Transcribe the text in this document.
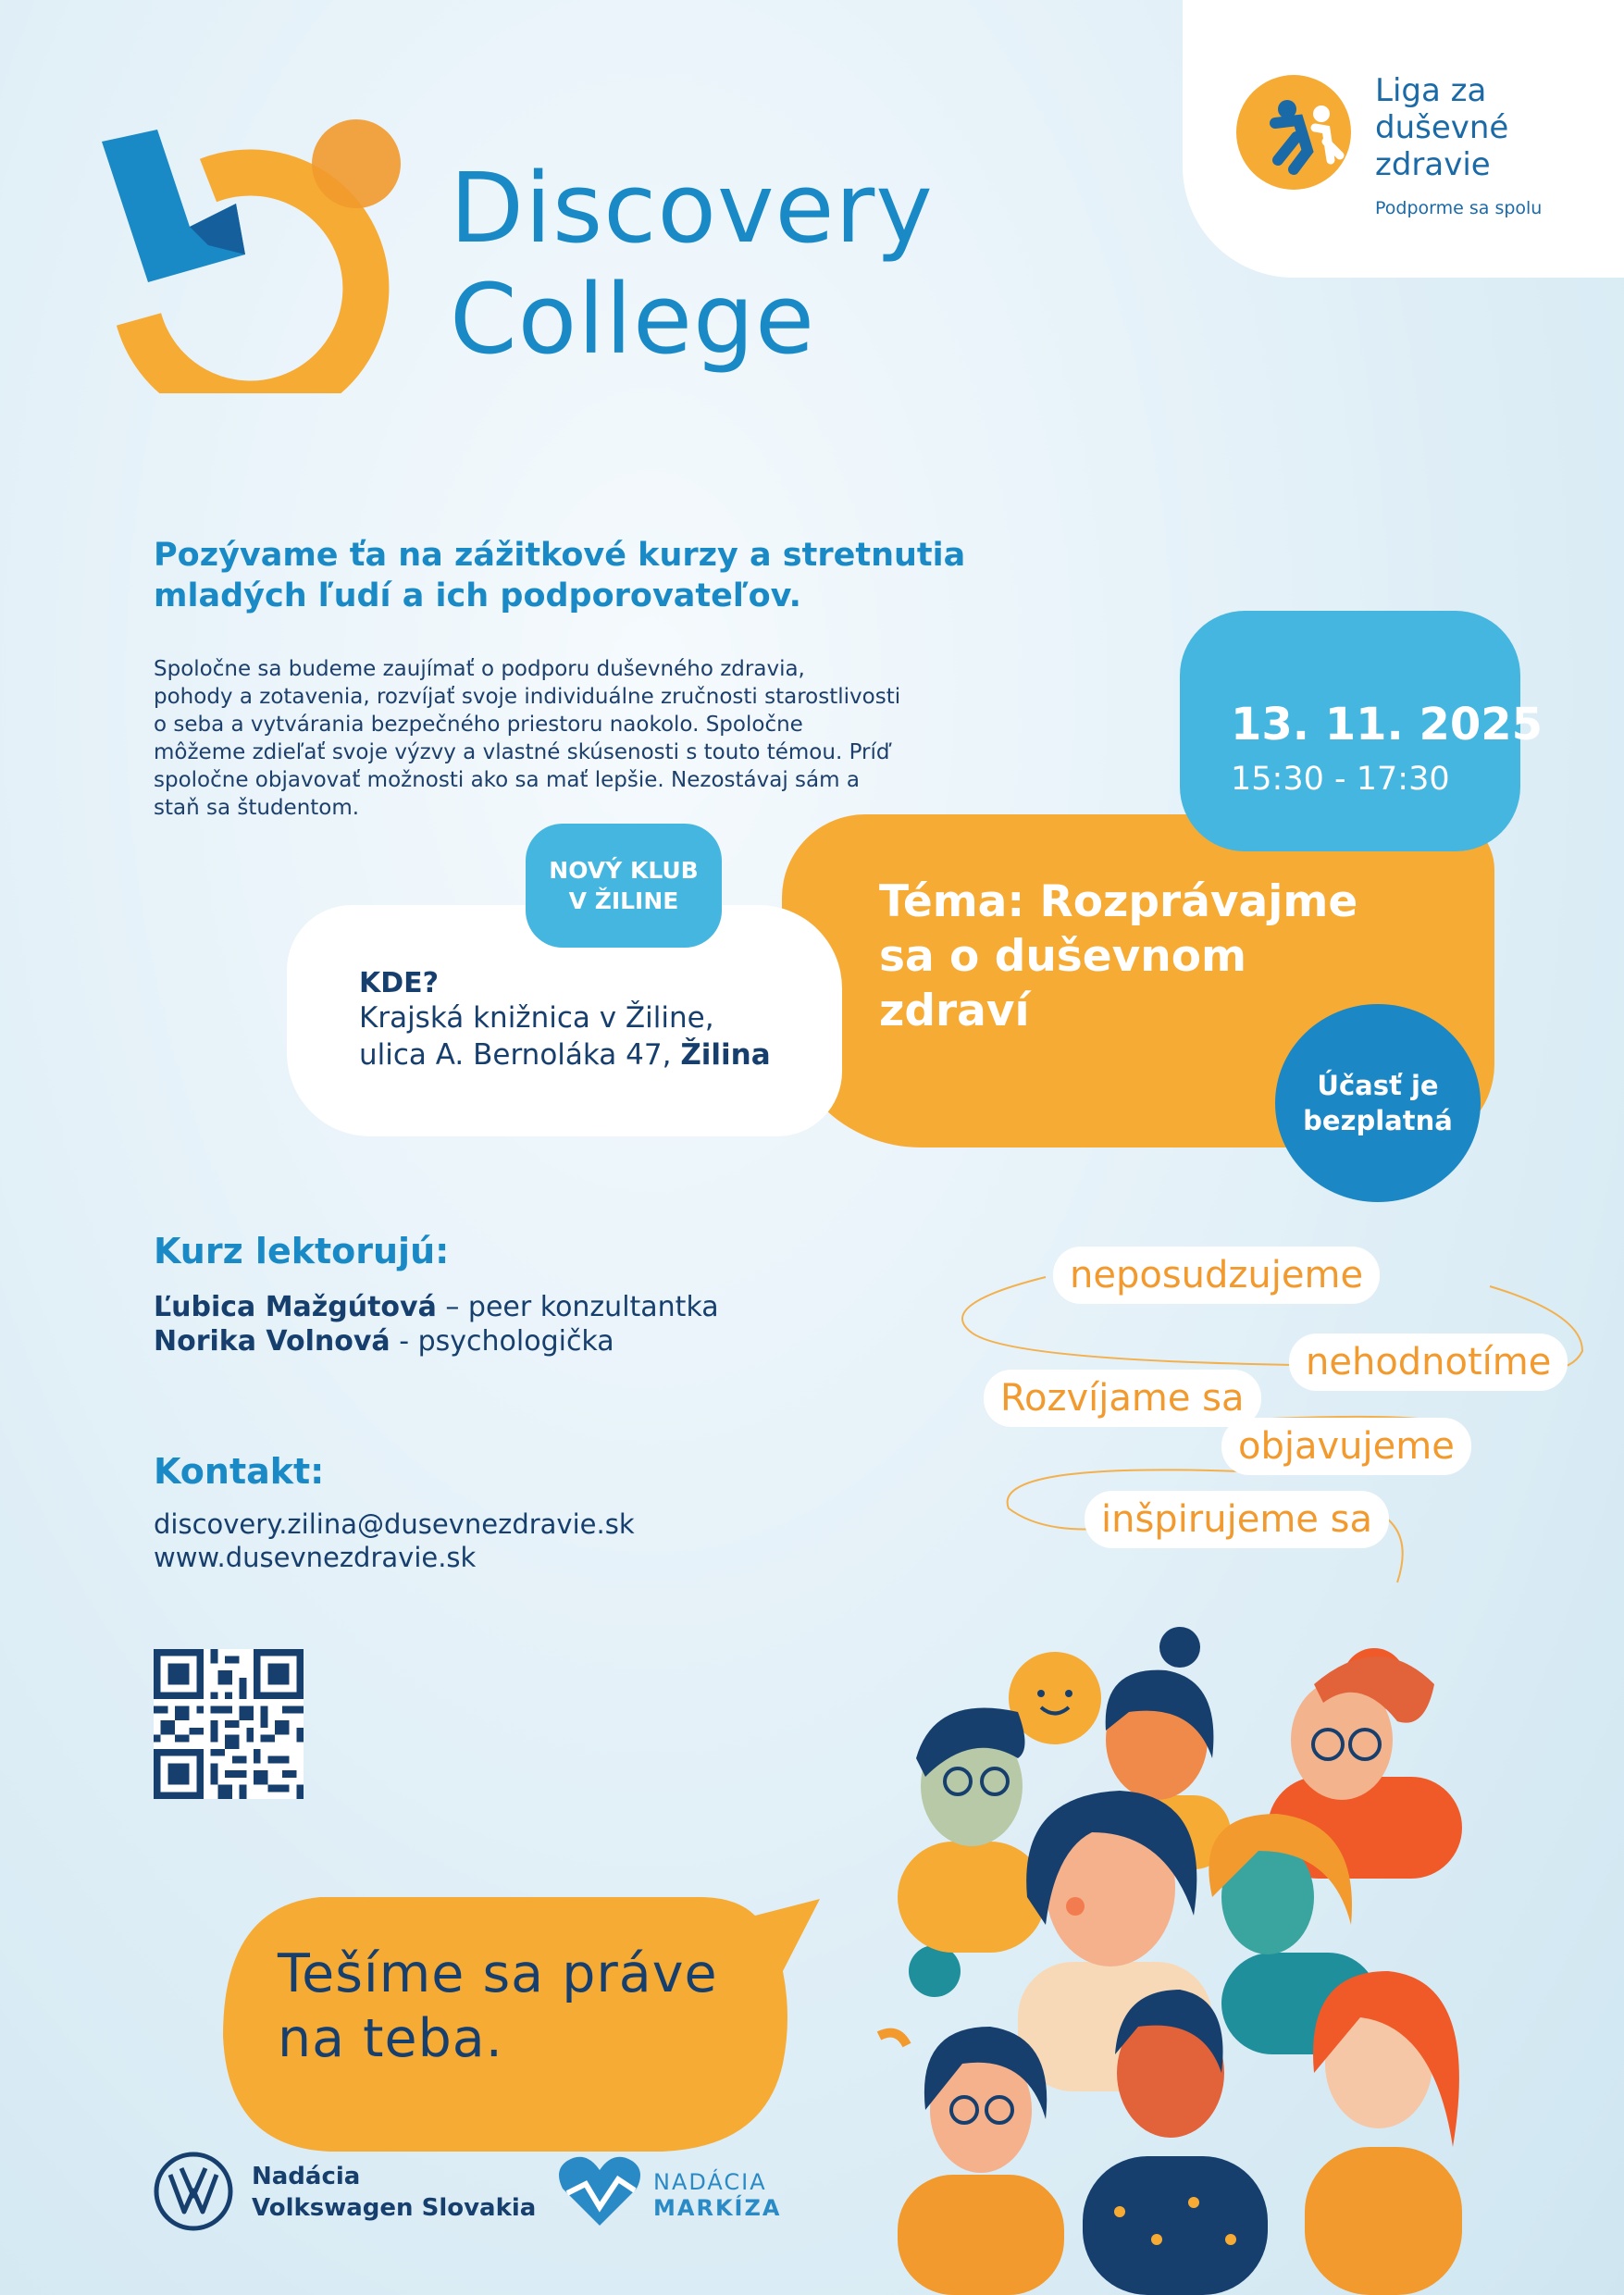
Liga za
duševné
zdravie
Podporme sa spolu
Discovery
College
Pozývame ťa na zážitkové kurzy a stretnutia
mladých ľudí a ich podporovateľov.
Spoločne sa budeme zaujímať o podporu duševného zdravia,
pohody a zotavenia, rozvíjať svoje individuálne zručnosti starostlivosti
o seba a vytvárania bezpečného priestoru naokolo. Spoločne
môžeme zdieľať svoje výzvy a vlastné skúsenosti s touto témou. Príď
spoločne objavovať možnosti ako sa mať lepšie. Nezostávaj sám a
staň sa študentom.
Téma: Rozprávajme
sa o duševnom
zdraví
13. 11. 2025
15:30 - 17:30
Účasť je
bezplatná
KDE?
Krajská knižnica v Žiline,
ulica A. Bernoláka 47, Žilina
NOVÝ KLUB
V ŽILINE
Kurz lektorujú:
Ľubica Mažgútová – peer konzultantka
Norika Volnová - psychologička
Kontakt:
discovery.zilina@dusevnezdravie.sk
www.dusevnezdravie.sk
Tešíme sa práve
na teba.
neposudzujeme
nehodnotíme
Rozvíjame sa
objavujeme
inšpirujeme sa
Nadácia
Volkswagen Slovakia
NADÁCIA
MARKÍZA
